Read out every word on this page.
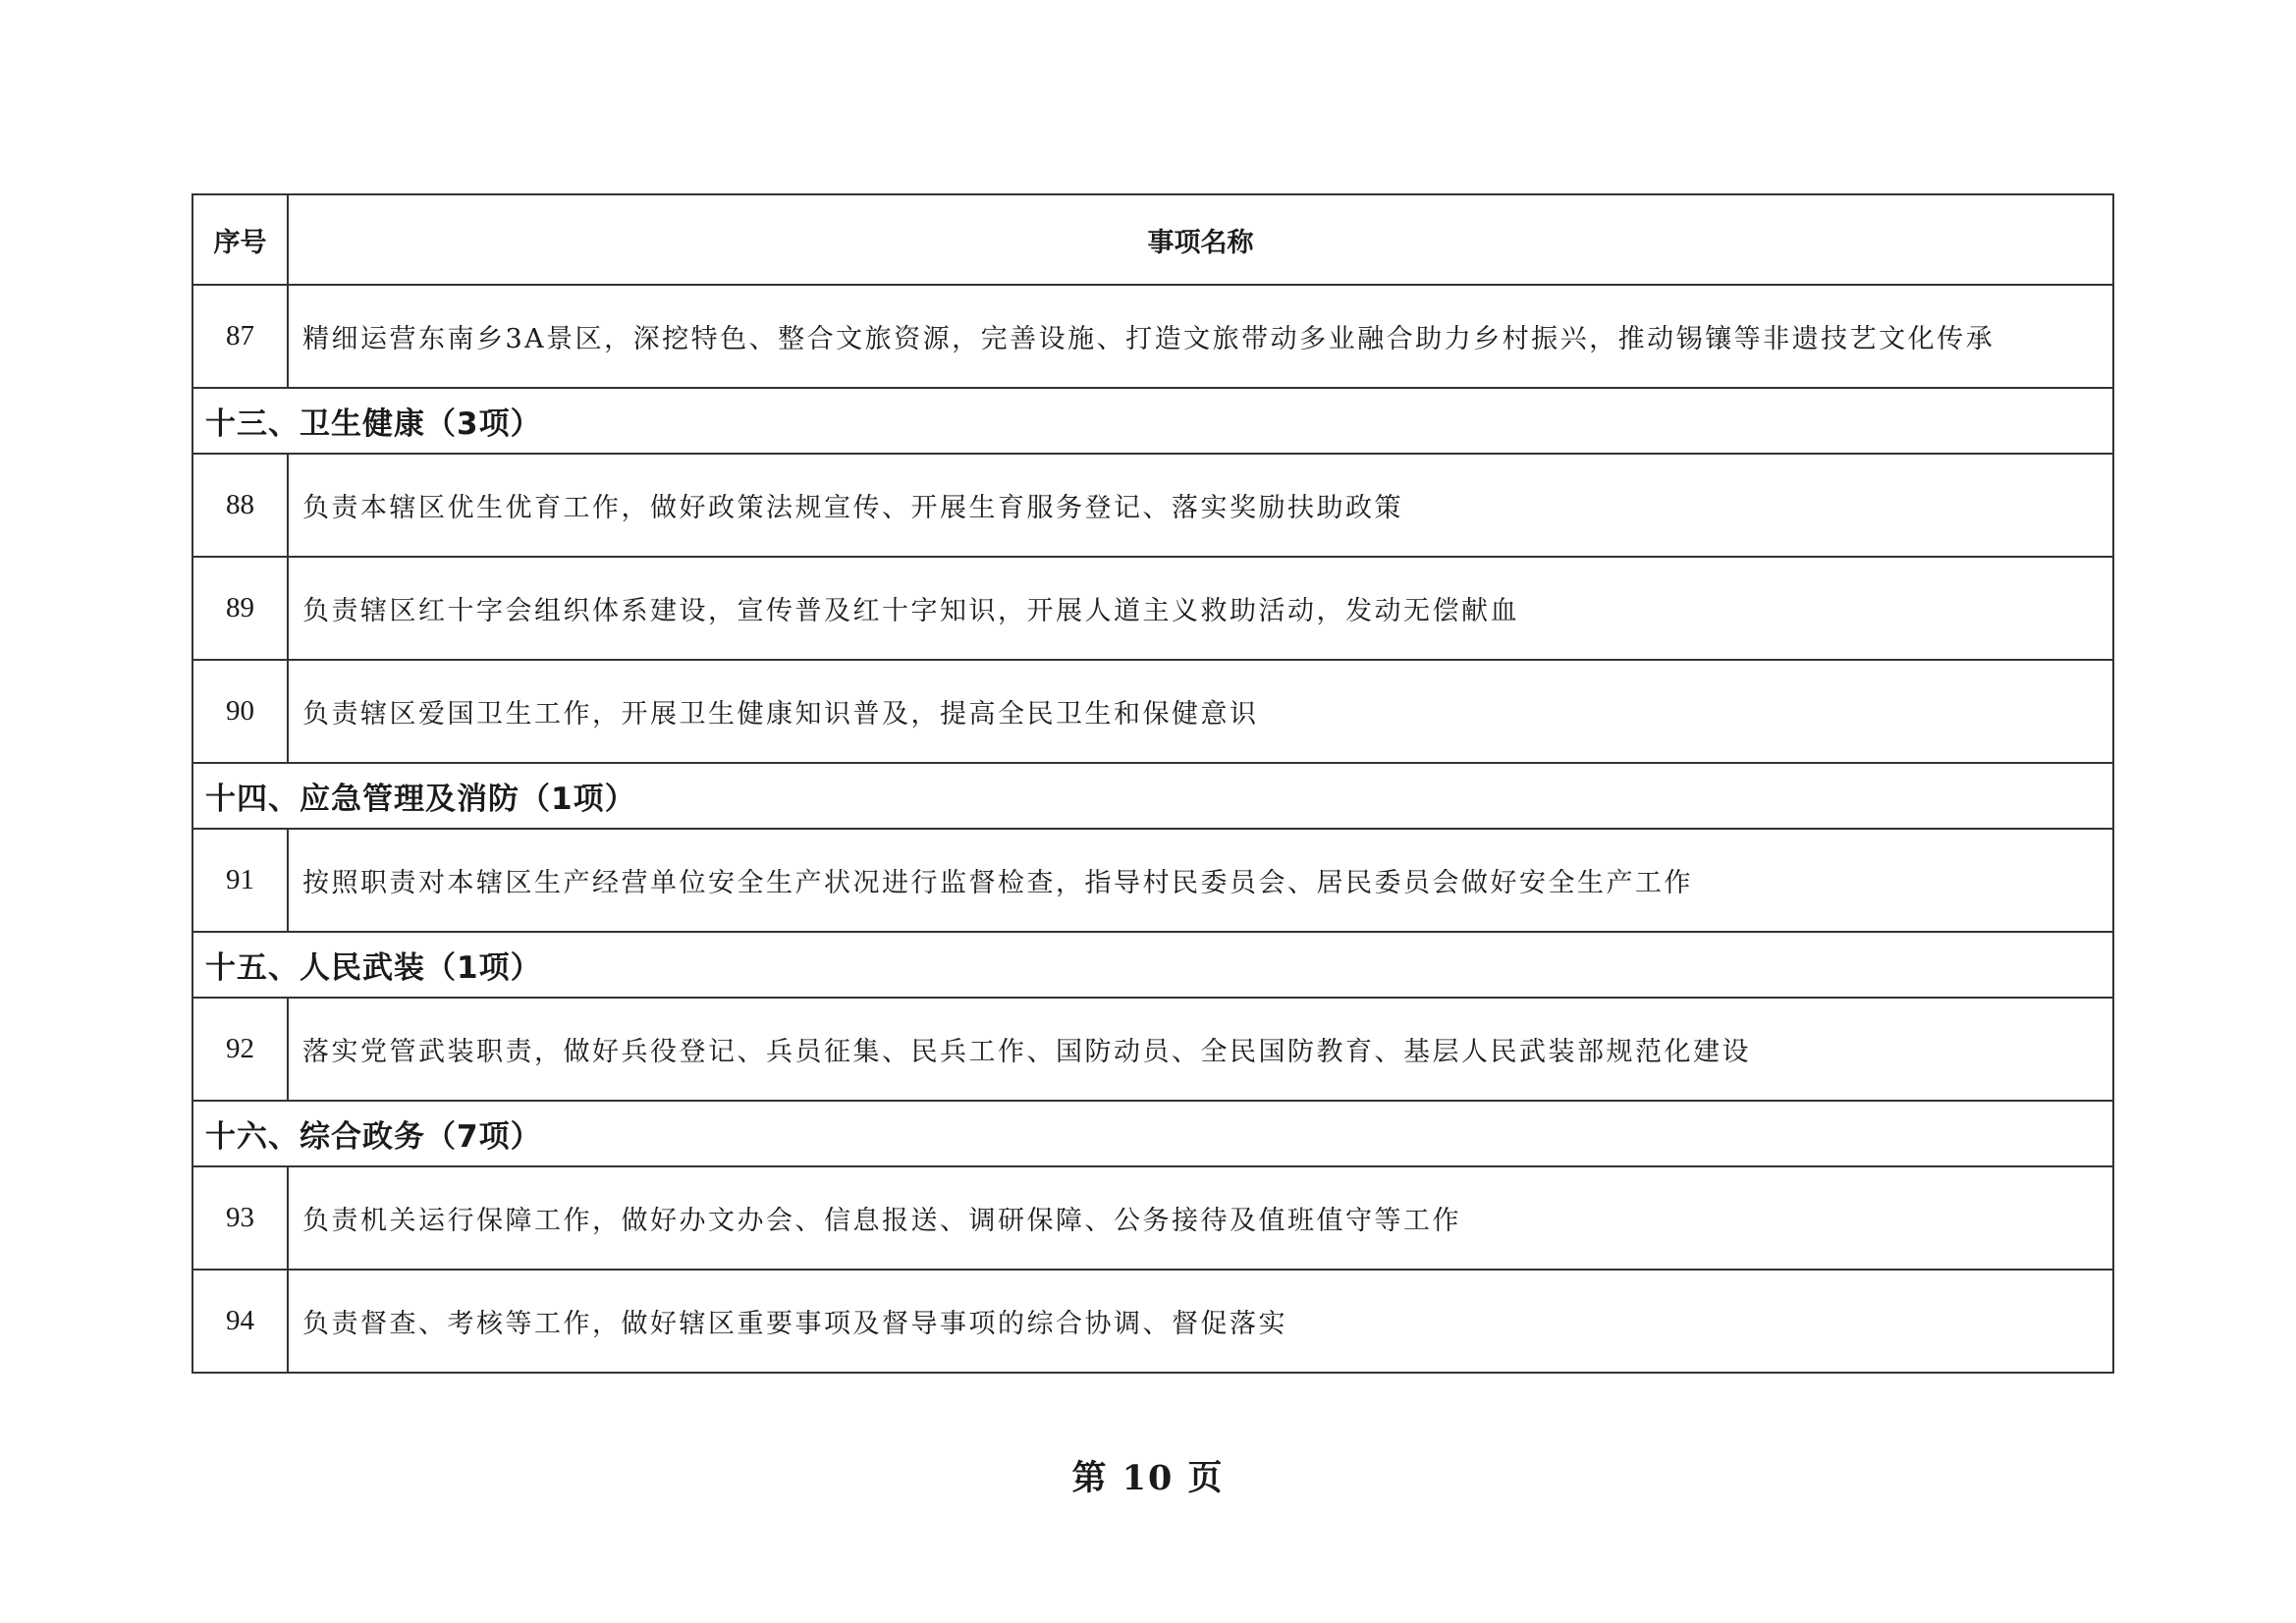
序号	事项名称
87	精细运营东南乡3A景区，深挖特色、整合文旅资源，完善设施、打造文旅带动多业融合助力乡村振兴，推动锡镶等非遗技艺文化传承
十三、卫生健康（3项）	
88	负责本辖区优生优育工作，做好政策法规宣传、开展生育服务登记、落实奖励扶助政策
89	负责辖区红十字会组织体系建设，宣传普及红十字知识，开展人道主义救助活动，发动无偿献血
90	负责辖区爱国卫生工作，开展卫生健康知识普及，提高全民卫生和保健意识
十四、应急管理及消防（1项）	
91	按照职责对本辖区生产经营单位安全生产状况进行监督检查，指导村民委员会、居民委员会做好安全生产工作
十五、人民武装（1项）	
92	落实党管武装职责，做好兵役登记、兵员征集、民兵工作、国防动员、全民国防教育、基层人民武装部规范化建设
十六、综合政务（7项）	
93	负责机关运行保障工作，做好办文办会、信息报送、调研保障、公务接待及值班值守等工作
94	负责督查、考核等工作，做好辖区重要事项及督导事项的综合协调、督促落实
第 10 页
